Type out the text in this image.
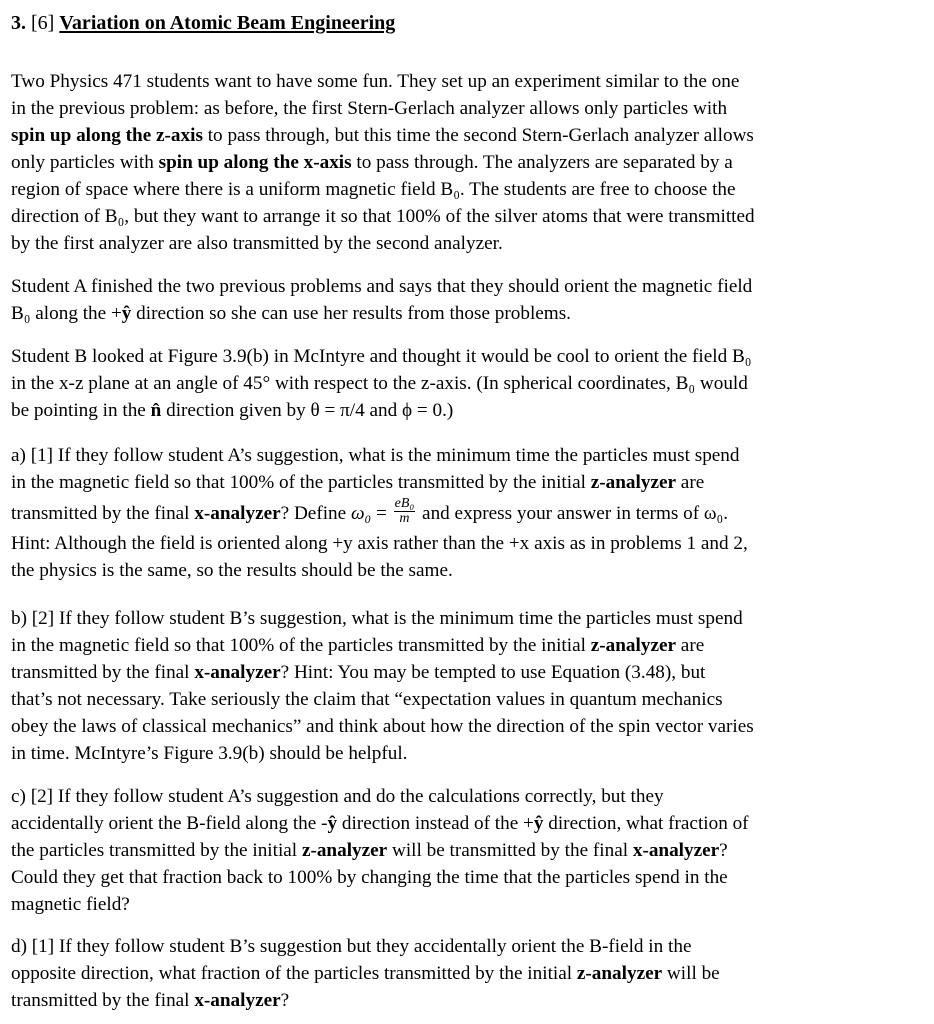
3. [6] Variation on Atomic Beam Engineering
Two Physics 471 students want to have some fun. They set up an experiment similar to the one
in the previous problem: as before, the first Stern-Gerlach analyzer allows only particles with
spin up along the z-axis to pass through, but this time the second Stern-Gerlach analyzer allows
only particles with spin up along the x-axis to pass through. The analyzers are separated by a
region of space where there is a uniform magnetic field B₀. The students are free to choose the
direction of B₀, but they want to arrange it so that 100% of the silver atoms that were transmitted
by the first analyzer are also transmitted by the second analyzer.
Student A finished the two previous problems and says that they should orient the magnetic field
B₀ along the +ŷ direction so she can use her results from those problems.
Student B looked at Figure 3.9(b) in McIntyre and thought it would be cool to orient the field B₀
in the x-z plane at an angle of 45° with respect to the z-axis. (In spherical coordinates, B₀ would
be pointing in the n̂ direction given by θ = π/4 and ϕ = 0.)
a) [1] If they follow student A’s suggestion, what is the minimum time the particles must spend
in the magnetic field so that 100% of the particles transmitted by the initial z-analyzer are
transmitted by the final x-analyzer? Define $\omega_0 = \frac{\text{eB₀}}{m}$ and express your answer in terms of ω₀.
Hint: Although the field is oriented along +y axis rather than the +x axis as in problems 1 and 2,
the physics is the same, so the results should be the same.
b) [2] If they follow student B’s suggestion, what is the minimum time the particles must spend
in the magnetic field so that 100% of the particles transmitted by the initial z-analyzer are
transmitted by the final x-analyzer? Hint: You may be tempted to use Equation (3.48), but
that’s not necessary. Take seriously the claim that “expectation values in quantum mechanics
obey the laws of classical mechanics” and think about how the direction of the spin vector varies
in time. McIntyre’s Figure 3.9(b) should be helpful.
c) [2] If they follow student A’s suggestion and do the calculations correctly, but they
accidentally orient the B-field along the -ŷ direction instead of the +ŷ direction, what fraction of
the particles transmitted by the initial z-analyzer will be transmitted by the final x-analyzer?
Could they get that fraction back to 100% by changing the time that the particles spend in the
magnetic field?
d) [1] If they follow student B’s suggestion but they accidentally orient the B-field in the
opposite direction, what fraction of the particles transmitted by the initial z-analyzer will be
transmitted by the final x-analyzer?
